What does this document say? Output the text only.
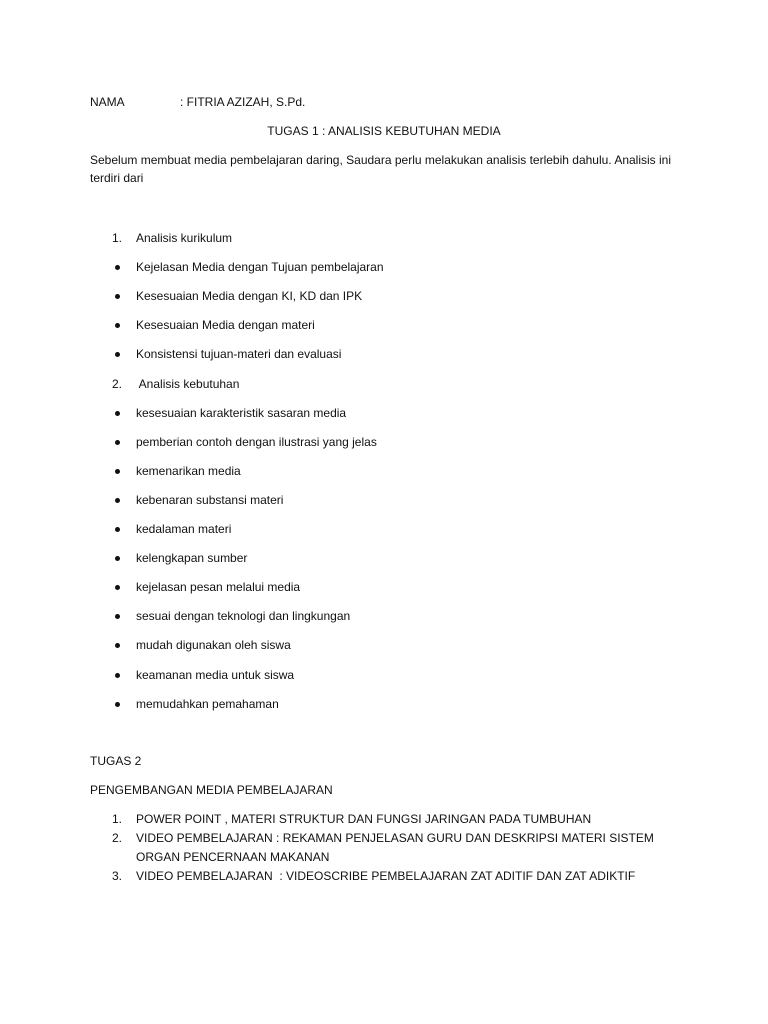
NAMA	: FITRIA AZIZAH, S.Pd.
TUGAS 1 : ANALISIS KEBUTUHAN MEDIA
Sebelum membuat media pembelajaran daring, Saudara perlu melakukan analisis terlebih dahulu. Analisis ini terdiri dari
1.	Analisis kurikulum
Kejelasan Media dengan Tujuan pembelajaran
Kesesuaian Media dengan KI, KD dan IPK
Kesesuaian Media dengan materi
Konsistensi tujuan-materi dan evaluasi
2.	Analisis kebutuhan
kesesuaian karakteristik sasaran media
pemberian contoh dengan ilustrasi yang jelas
kemenarikan media
kebenaran substansi materi
kedalaman materi
kelengkapan sumber
kejelasan pesan melalui media
sesuai dengan teknologi dan lingkungan
mudah digunakan oleh siswa
keamanan media untuk siswa
memudahkan pemahaman
TUGAS 2
PENGEMBANGAN MEDIA PEMBELAJARAN
1.	POWER POINT , MATERI STRUKTUR DAN FUNGSI JARINGAN PADA TUMBUHAN
2.	VIDEO PEMBELAJARAN : REKAMAN PENJELASAN GURU DAN DESKRIPSI MATERI SISTEM ORGAN PENCERNAAN MAKANAN
3.	VIDEO PEMBELAJARAN  : VIDEOSCRIBE PEMBELAJARAN ZAT ADITIF DAN ZAT ADIKTIF
